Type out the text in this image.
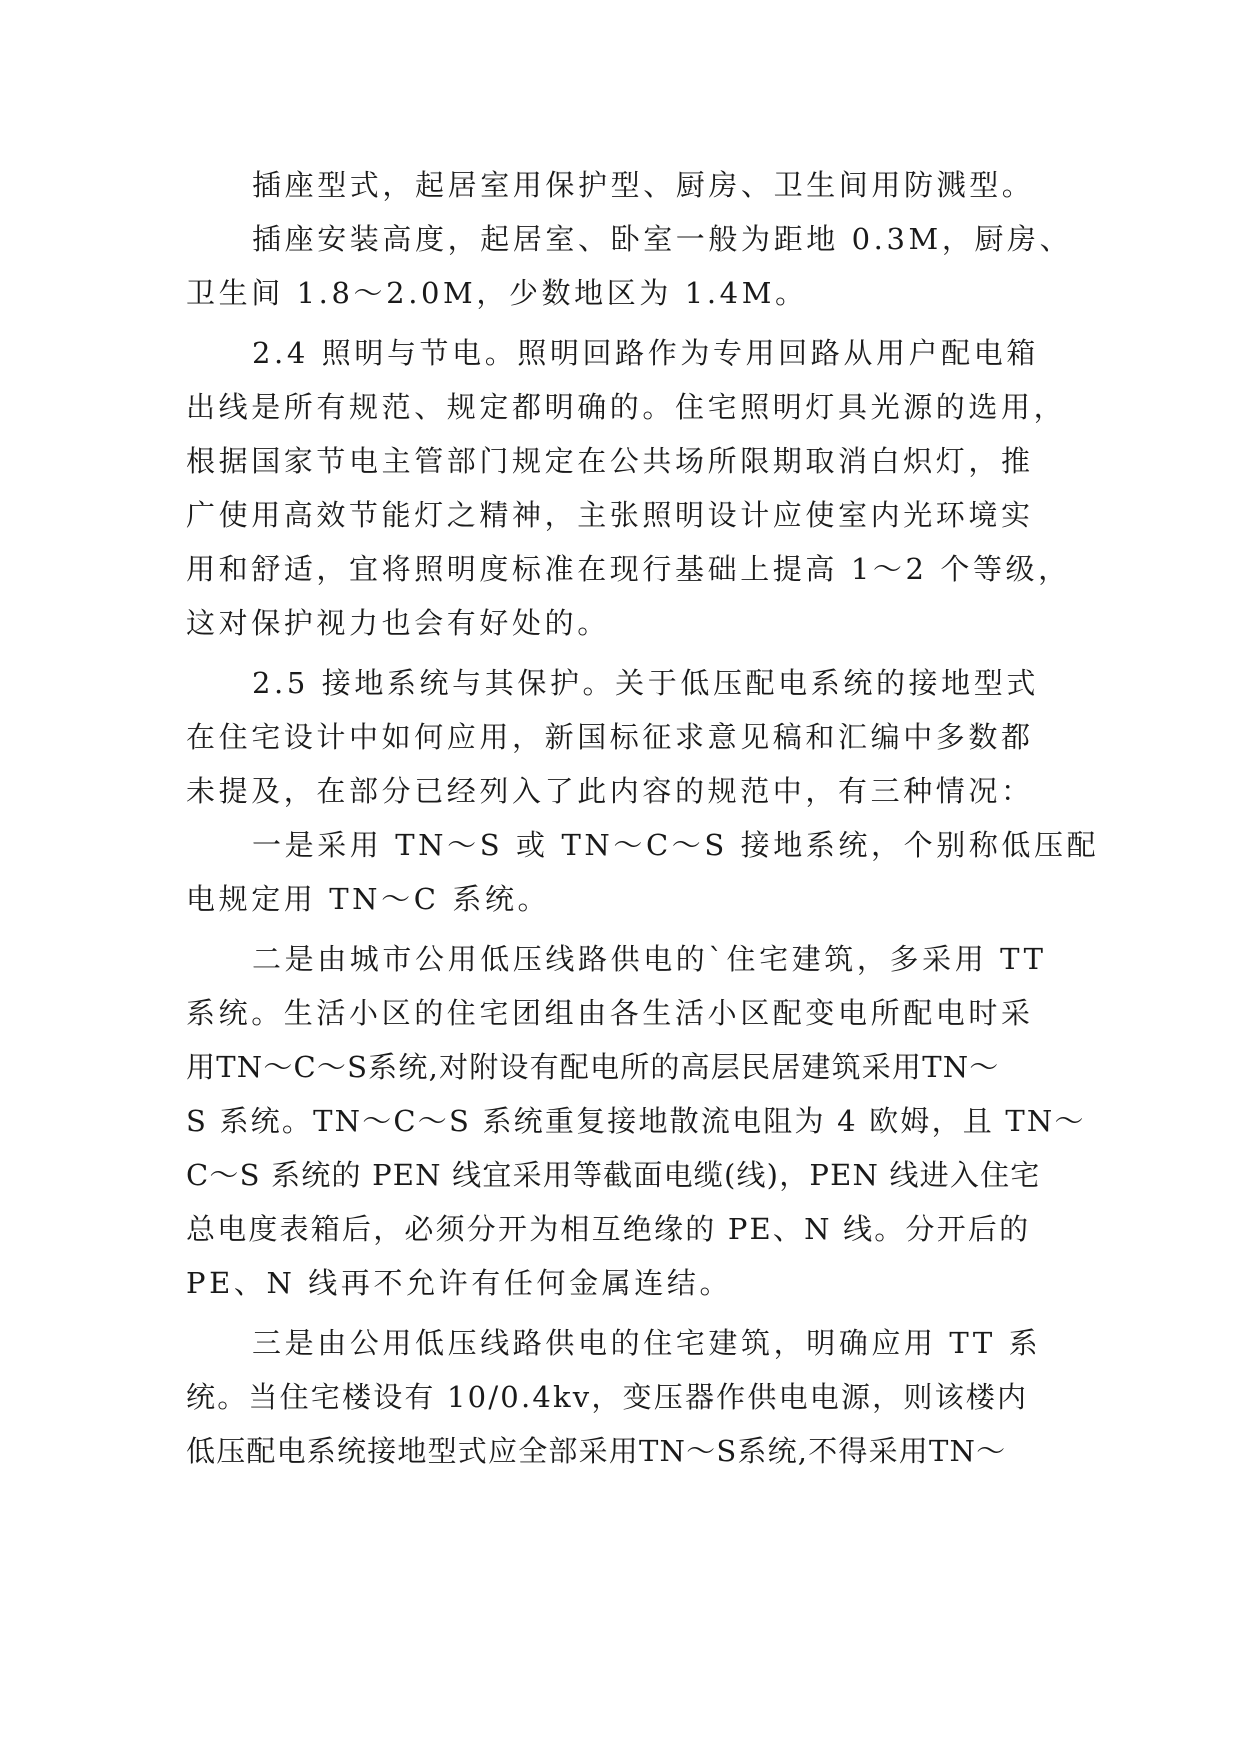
插座型式，起居室用保护型、厨房、卫生间用防溅型。
插座安装高度，起居室、卧室一般为距地 0.3M，厨房、
卫生间 1.8～2.0M，少数地区为 1.4M。
2.4 照明与节电。照明回路作为专用回路从用户配电箱
出线是所有规范、规定都明确的。住宅照明灯具光源的选用，
根据国家节电主管部门规定在公共场所限期取消白炽灯，推
广使用高效节能灯之精神，主张照明设计应使室内光环境实
用和舒适，宜将照明度标准在现行基础上提高 1～2 个等级，
这对保护视力也会有好处的。
2.5 接地系统与其保护。关于低压配电系统的接地型式
在住宅设计中如何应用，新国标征求意见稿和汇编中多数都
未提及，在部分已经列入了此内容的规范中，有三种情况：
一是采用 TN～S 或 TN～C～S 接地系统，个别称低压配
电规定用 TN～C 系统。
二是由城市公用低压线路供电的`住宅建筑，多采用 TT
系统。生活小区的住宅团组由各生活小区配变电所配电时采
用TN～C～S系统,对附设有配电所的高层民居建筑采用TN～
S 系统。TN～C～S 系统重复接地散流电阻为 4 欧姆，且 TN～
C～S 系统的 PEN 线宜采用等截面电缆(线)，PEN 线进入住宅
总电度表箱后，必须分开为相互绝缘的 PE、N 线。分开后的
PE、N 线再不允许有任何金属连结。
三是由公用低压线路供电的住宅建筑，明确应用 TT 系
统。当住宅楼设有 10/0.4kv，变压器作供电电源，则该楼内
低压配电系统接地型式应全部采用TN～S系统,不得采用TN～
